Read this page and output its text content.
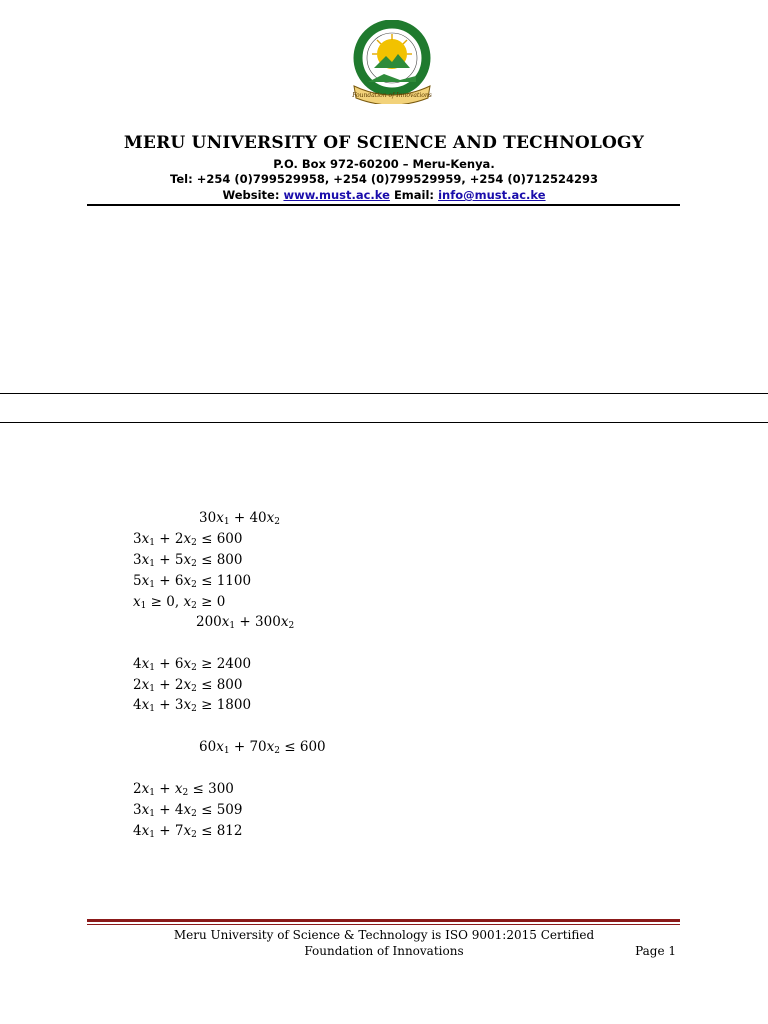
Foundation of Innovations
MERU UNIVERSITY OF SCIENCE AND TECHNOLOGY
P.O. Box 972-60200 – Meru-Kenya.
Tel: +254 (0)799529958, +254 (0)799529959, +254 (0)712524293
Website: www.must.ac.ke Email: info@must.ac.ke
$30x_1 + 40x_2$
$3x_1 + 2x_2 \le 600$
$3x_1 + 5x_2 \le 800$
$5x_1 + 6x_2 \le 1100$
$x_1 \ge 0$, $x_2 \ge 0$
$200x_1 + 300x_2$
$4x_1 + 6x_2 \ge 2400$
$2x_1 + 2x_2 \le 800$
$4x_1 + 3x_2 \ge 1800$
$60x_1 + 70x_2 \le 600$
$2x_1 + x_2 \le 300$
$3x_1 + 4x_2 \le 509$
$4x_1 + 7x_2 \le 812$
Meru University of Science & Technology is ISO 9001:2015 Certified
Foundation of Innovations	Page 1
